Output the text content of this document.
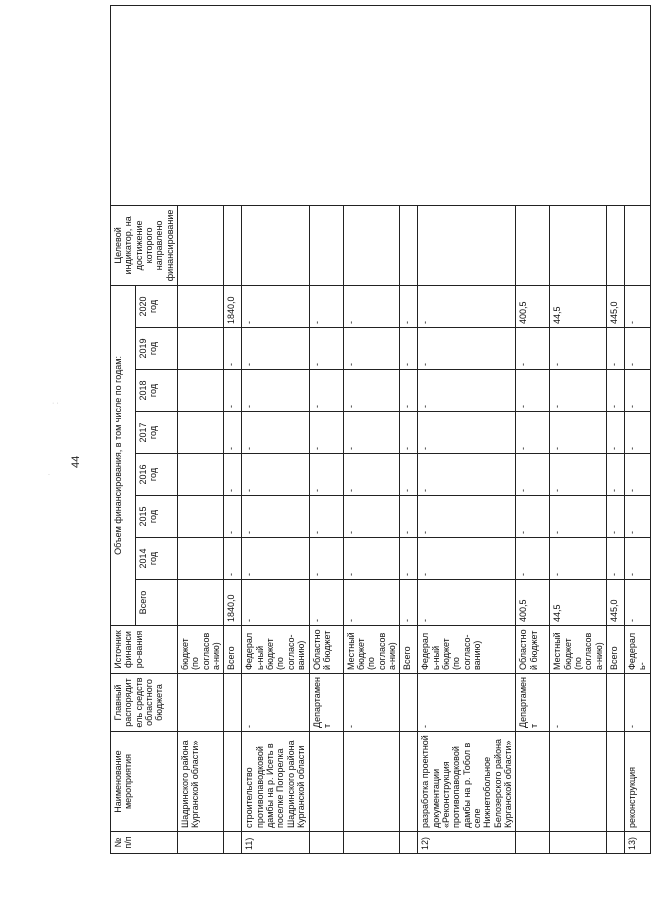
· ·
.
44
№ п/п	Наименование мероприятия	Главный распорядитель средств областного бюджета	Источник финансиро-вания	Объем финансирования, в том числе по годам:								Целевой индикатор, на достижение которого направлено финансирование	
				Всего	2014 год	2015 год	2016 год	2017 год	2018 год	2019 год	2020 год		
	Шадринского района Курганской области»		бюджет (по согласова-нию)										
			Всего	1840,0	-	-	-	-	-	-	1840,0		
11)	строительство противопаводковой дамбы на р. Исеть в поселке Погорелка Шадринского района Курганской области	-	Федераль-ный бюджет (по согласо-ванию)	-	-	-	-	-	-	-	-		
		Департамент	Областной бюджет	-	-	-	-	-	-	-	-		
		-	Местный бюджет (по согласова-нию)	-	-	-	-	-	-	-	-		
			Всего	-	-	-	-	-	-	-	-		
12)	разработка проектной документации «Реконструкция противопаводковой дамбы на р. Тобол в селе Нижнетобольное Белозерского района Курганской области»	-	Федераль-ный бюджет (по согласо-ванию)	-	-	-	-	-	-	-	-		
		Департамент	Областной бюджет	400,5	-	-	-	-	-	-	400,5		
		-	Местный бюджет (по согласова-нию)	44,5	-	-	-	-	-	-	44,5		
			Всего	445,0	-	-	-	-	-	-	445,0		
13)	реконструкция	-	Федераль-	-	-	-	-	-	-	-	-		
